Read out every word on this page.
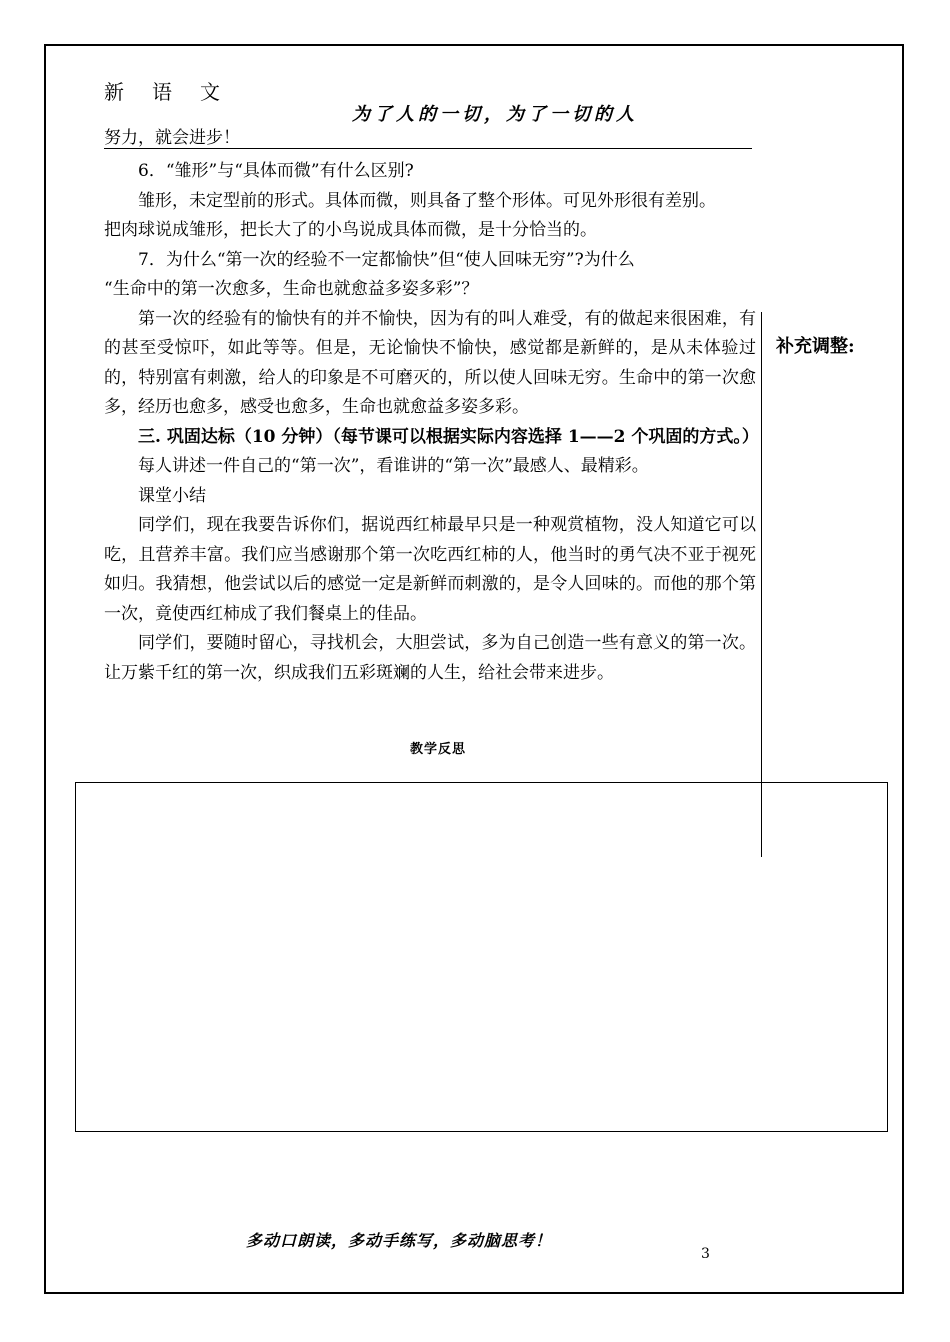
新语文
努力，就会进步！
为了人的一切，为了一切的人

6．“雏形”与“具体而微”有什么区别?

雏形，未定型前的形式。具体而微，则具备了整个形体。可见外形很有差别。

把肉球说成雏形，把长大了的小鸟说成具体而微，是十分恰当的。

7．为什么“第一次的经验不一定都愉快”但“使人回味无穷”?为什么

“生命中的第一次愈多，生命也就愈益多姿多彩”？

第一次的经验有的愉快有的并不愉快，因为有的叫人难受，有的做起来很困难，有的甚至受惊吓，如此等等。但是，无论愉快不愉快，感觉都是新鲜的，是从未体验过的，特别富有刺激，给人的印象是不可磨灭的，所以使人回味无穷。生命中的第一次愈多，经历也愈多，感受也愈多，生命也就愈益多姿多彩。

三. 巩固达标（10 分钟）（每节课可以根据实际内容选择 1——2 个巩固的方式。）

每人讲述一件自己的“第一次”，看谁讲的“第一次”最感人、最精彩。

课堂小结

同学们，现在我要告诉你们，据说西红柿最早只是一种观赏植物，没人知道它可以吃，且营养丰富。我们应当感谢那个第一次吃西红柿的人，他当时的勇气决不亚于视死如归。我猜想，他尝试以后的感觉一定是新鲜而刺激的，是令人回味的。而他的那个第一次，竟使西红柿成了我们餐桌上的佳品。

同学们，要随时留心，寻找机会，大胆尝试，多为自己创造一些有意义的第一次。 让万紫千红的第一次，织成我们五彩斑斓的人生，给社会带来进步。

补充调整:
教学反思
多动口朗读，多动手练写，多动脑思考！
3
